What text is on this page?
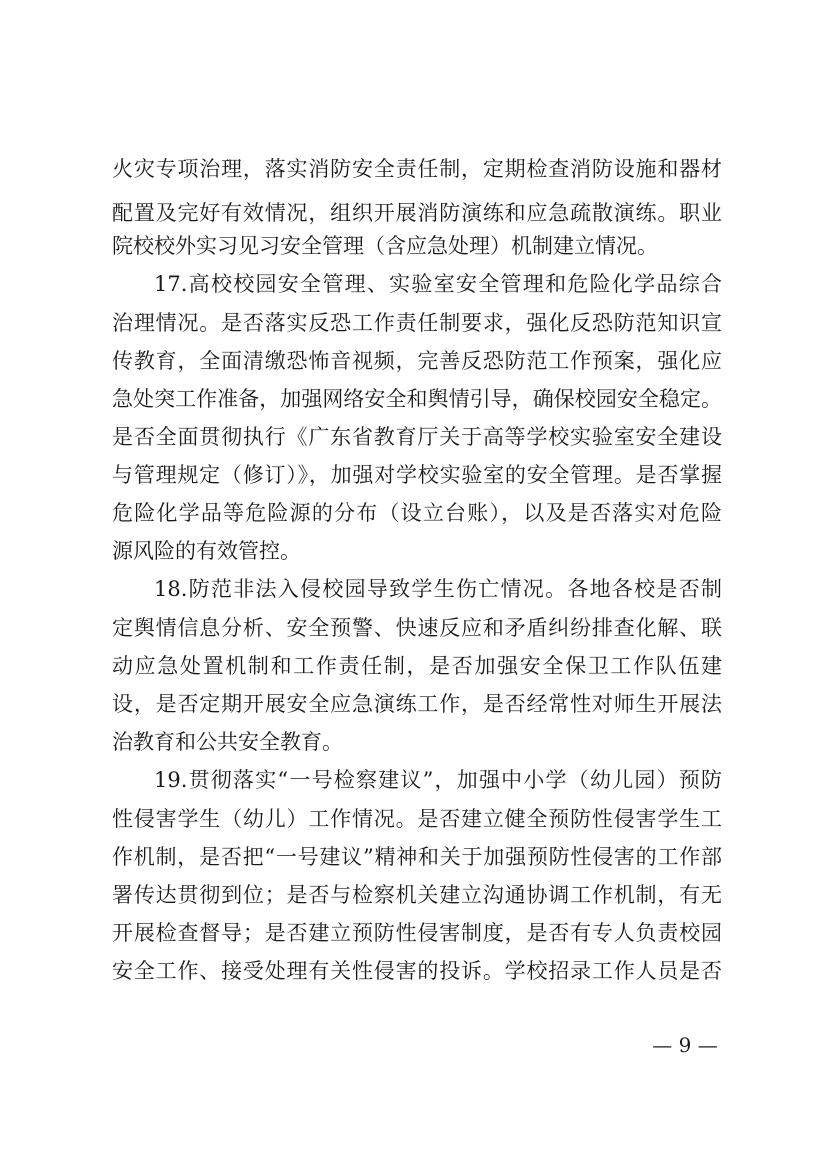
火灾专项治理，落实消防安全责任制，定期检查消防设施和器材
配置及完好有效情况，组织开展消防演练和应急疏散演练。职业
院校校外实习见习安全管理（含应急处理）机制建立情况。
17.高校校园安全管理、实验室安全管理和危险化学品综合
治理情况。是否落实反恐工作责任制要求，强化反恐防范知识宣
传教育，全面清缴恐怖音视频，完善反恐防范工作预案，强化应
急处突工作准备，加强网络安全和舆情引导，确保校园安全稳定。
是否全面贯彻执行《广东省教育厅关于高等学校实验室安全建设
与管理规定（修订）》，加强对学校实验室的安全管理。是否掌握
危险化学品等危险源的分布（设立台账），以及是否落实对危险
源风险的有效管控。
18.防范非法入侵校园导致学生伤亡情况。各地各校是否制
定舆情信息分析、安全预警、快速反应和矛盾纠纷排查化解、联
动应急处置机制和工作责任制，是否加强安全保卫工作队伍建
设，是否定期开展安全应急演练工作，是否经常性对师生开展法
治教育和公共安全教育。
19.贯彻落实“一号检察建议”，加强中小学（幼儿园）预防
性侵害学生（幼儿）工作情况。是否建立健全预防性侵害学生工
作机制，是否把“一号建议”精神和关于加强预防性侵害的工作部
署传达贯彻到位；是否与检察机关建立沟通协调工作机制，有无
开展检查督导；是否建立预防性侵害制度，是否有专人负责校园
安全工作、接受处理有关性侵害的投诉。学校招录工作人员是否
— 9 —
